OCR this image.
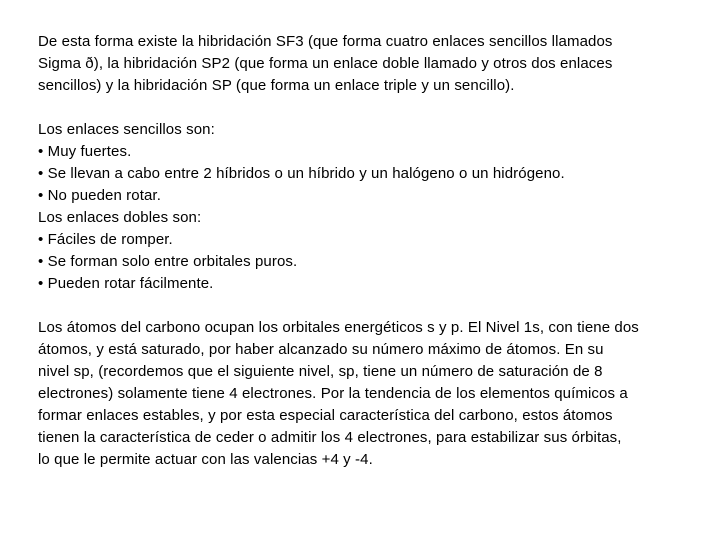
De esta forma existe la hibridación SF3 (que forma cuatro enlaces sencillos llamados
Sigma ð), la hibridación SP2 (que forma un enlace doble llamado y otros dos enlaces
sencillos) y la hibridación SP (que forma un enlace triple y un sencillo).
Los enlaces sencillos son:
• Muy fuertes.
• Se llevan a cabo entre 2 híbridos o un híbrido y un halógeno o un hidrógeno.
• No pueden rotar.
Los enlaces dobles son:
• Fáciles de romper.
• Se forman solo entre orbitales puros.
• Pueden rotar fácilmente.
Los átomos del carbono ocupan los orbitales energéticos s y p. El Nivel 1s, con tiene dos
átomos, y está saturado, por haber alcanzado su número máximo de átomos. En su
nivel sp, (recordemos que el siguiente nivel, sp, tiene un número de saturación de 8
electrones) solamente tiene 4 electrones. Por la tendencia de los elementos químicos a
formar enlaces estables, y por esta especial característica del carbono, estos átomos
tienen la característica de ceder o admitir los 4 electrones, para estabilizar sus órbitas,
lo que le permite actuar con las valencias +4 y -4.
